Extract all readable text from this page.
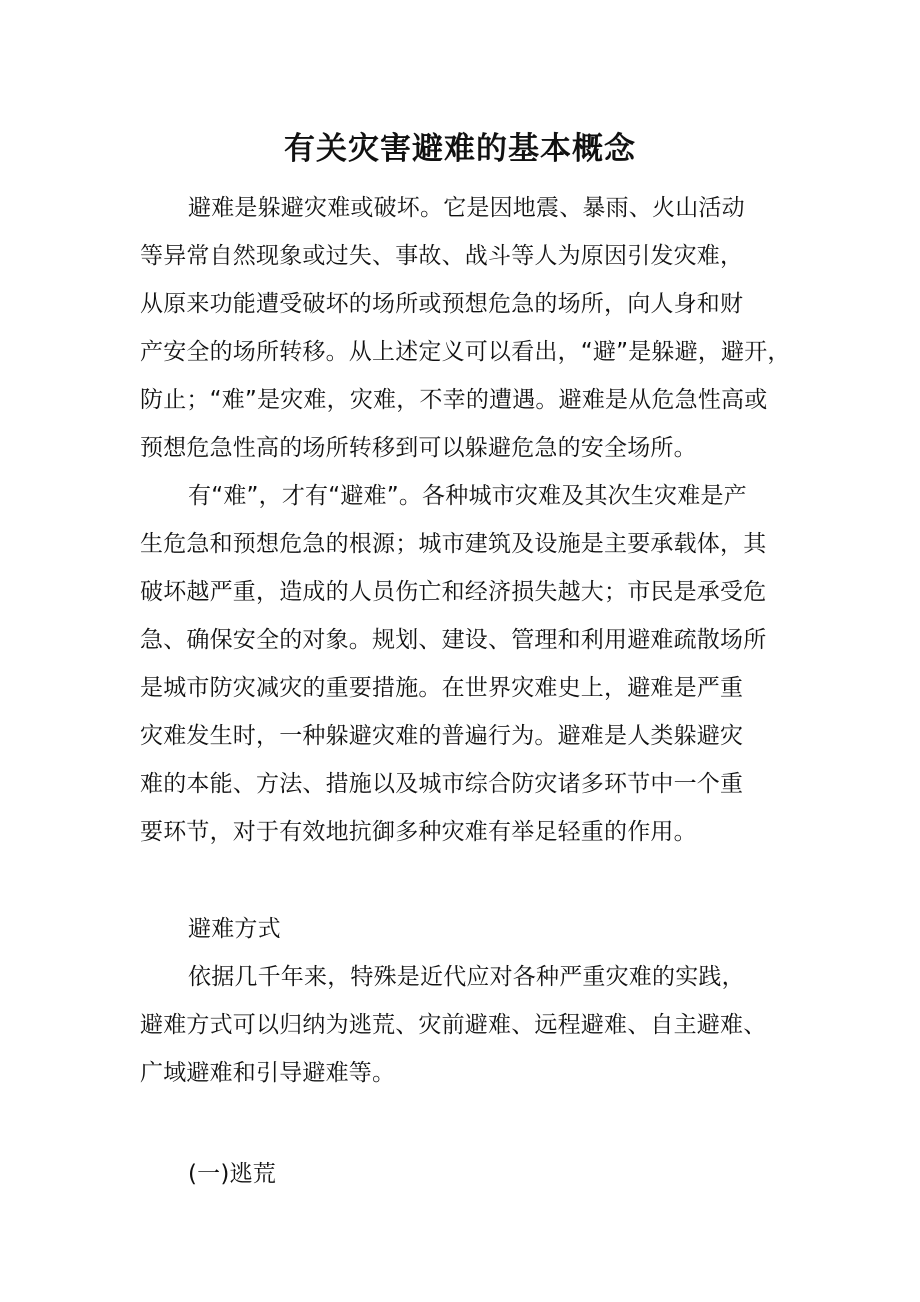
有关灾害避难的基本概念
避难是躲避灾难或破坏。它是因地震、暴雨、火山活动
等异常自然现象或过失、事故、战斗等人为原因引发灾难，
从原来功能遭受破坏的场所或预想危急的场所，向人身和财
产安全的场所转移。从上述定义可以看出，“避”是躲避，避开，
防止；“难”是灾难，灾难，不幸的遭遇。避难是从危急性高或
预想危急性高的场所转移到可以躲避危急的安全场所。
有“难”，才有“避难”。各种城市灾难及其次生灾难是产
生危急和预想危急的根源；城市建筑及设施是主要承载体，其
破坏越严重，造成的人员伤亡和经济损失越大；市民是承受危
急、确保安全的对象。规划、建设、管理和利用避难疏散场所
是城市防灾减灾的重要措施。在世界灾难史上，避难是严重
灾难发生时，一种躲避灾难的普遍行为。避难是人类躲避灾
难的本能、方法、措施以及城市综合防灾诸多环节中一个重
要环节，对于有效地抗御多种灾难有举足轻重的作用。
避难方式
依据几千年来，特殊是近代应对各种严重灾难的实践，
避难方式可以归纳为逃荒、灾前避难、远程避难、自主避难、
广域避难和引导避难等。
(一)逃荒
